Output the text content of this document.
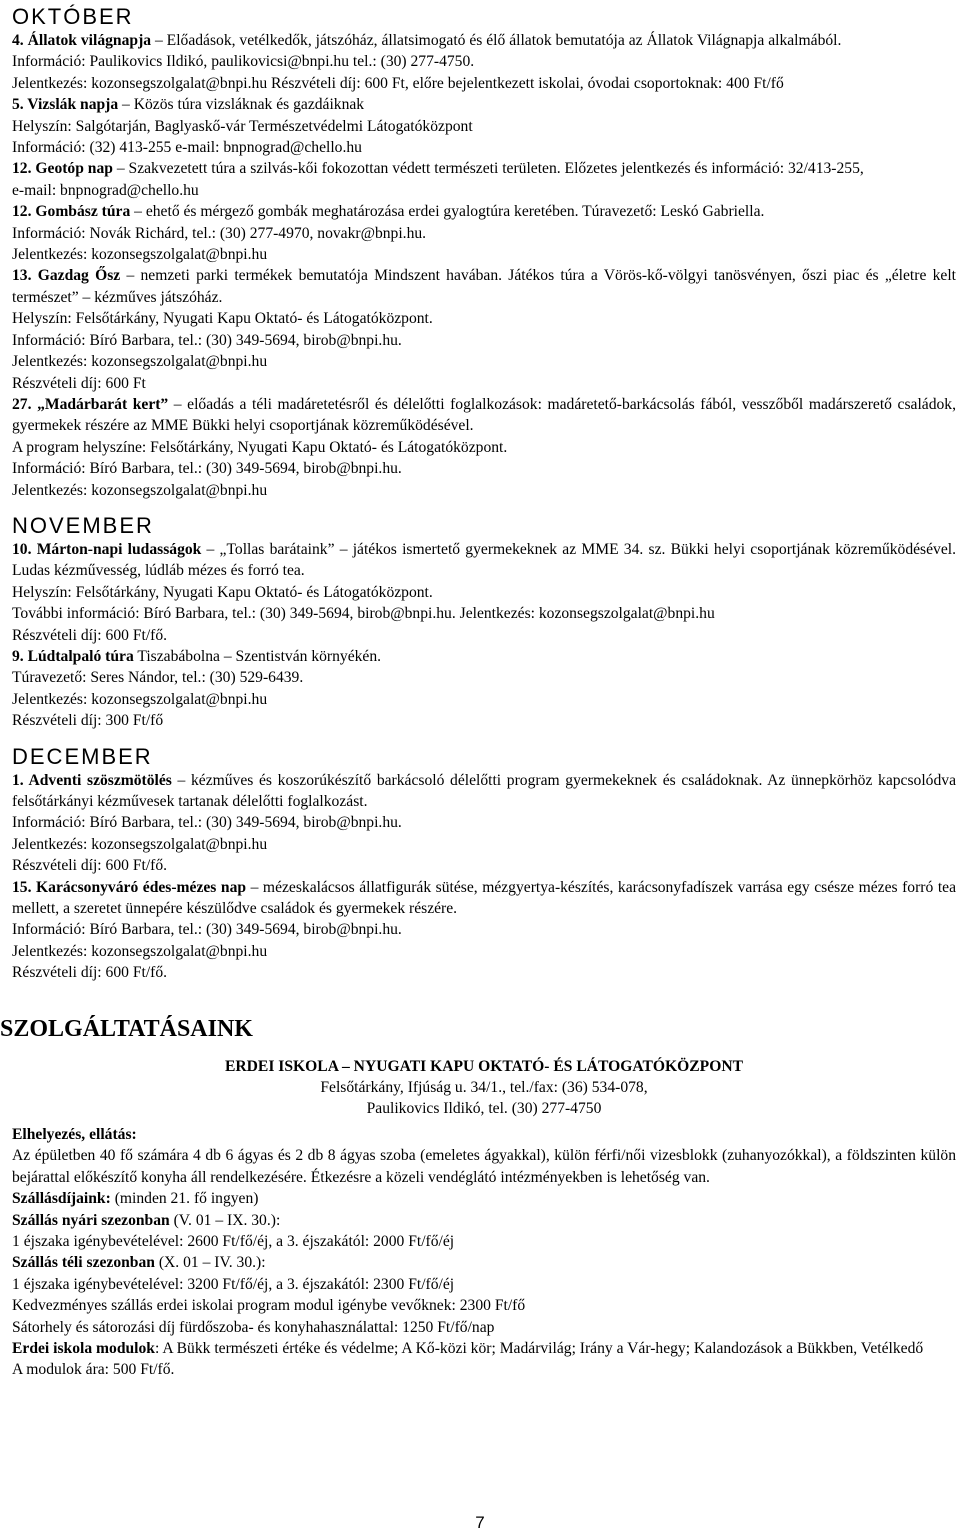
OKTÓBER

4. Állatok világnapja – Előadások, vetélkedők, játszóház, állatsimogató és élő állatok bemutatója az Állatok Világnapja alkalmából.

Információ: Paulikovics Ildikó, paulikovicsi@bnpi.hu tel.: (30) 277-4750.

Jelentkezés: kozonsegszolgalat@bnpi.hu Részvételi díj: 600 Ft, előre bejelentkezett iskolai, óvodai csoportoknak: 400 Ft/fő

5. Vizslák napja – Közös túra vizsláknak és gazdáiknak

Helyszín: Salgótarján, Baglyaskő-vár Természetvédelmi Látogatóközpont

Információ: (32) 413-255 e-mail: bnpnograd@chello.hu

12. Geotóp nap – Szakvezetett túra a szilvás-kői fokozottan védett természeti területen. Előzetes jelentkezés és információ: 32/413-255,

e-mail: bnpnograd@chello.hu

12. Gombász túra – ehető és mérgező gombák meghatározása erdei gyalogtúra keretében. Túravezető: Leskó Gabriella.

Információ: Novák Richárd, tel.: (30) 277-4970, novakr@bnpi.hu.

Jelentkezés: kozonsegszolgalat@bnpi.hu

13. Gazdag Ősz – nemzeti parki termékek bemutatója Mindszent havában. Játékos túra a Vörös-kő-völgyi tanösvényen, őszi piac és „életre kelt természet” – kézműves játszóház.

Helyszín: Felsőtárkány, Nyugati Kapu Oktató- és Látogatóközpont.

Információ: Bíró Barbara, tel.: (30) 349-5694, birob@bnpi.hu.

Jelentkezés: kozonsegszolgalat@bnpi.hu

Részvételi díj: 600 Ft

27. „Madárbarát kert” – előadás a téli madáretetésről és délelőtti foglalkozások: madáretető-barkácsolás fából, vesszőből madárszerető családok, gyermekek részére az MME Bükki helyi csoportjának közreműködésével.

A program helyszíne: Felsőtárkány, Nyugati Kapu Oktató- és Látogatóközpont.

Információ: Bíró Barbara, tel.: (30) 349-5694, birob@bnpi.hu.

Jelentkezés: kozonsegszolgalat@bnpi.hu

NOVEMBER

10. Márton-napi ludasságok – „Tollas barátaink” – játékos ismertető gyermekeknek az MME 34. sz. Bükki helyi csoportjának közreműködésével. Ludas kézművesség, lúdláb mézes és forró tea.

Helyszín: Felsőtárkány, Nyugati Kapu Oktató- és Látogatóközpont.

További információ: Bíró Barbara, tel.: (30) 349-5694, birob@bnpi.hu. Jelentkezés: kozonsegszolgalat@bnpi.hu

Részvételi díj: 600 Ft/fő.

9. Lúdtalpaló túra Tiszabábolna – Szentistván környékén.

Túravezető: Seres Nándor, tel.: (30) 529-6439.

Jelentkezés: kozonsegszolgalat@bnpi.hu

Részvételi díj: 300 Ft/fő

DECEMBER

1. Adventi szöszmötölés – kézműves és koszorúkészítő barkácsoló délelőtti program gyermekeknek és családoknak. Az ünnepkörhöz kapcsolódva felsőtárkányi kézművesek tartanak délelőtti foglalkozást.

Információ: Bíró Barbara, tel.: (30) 349-5694, birob@bnpi.hu.

Jelentkezés: kozonsegszolgalat@bnpi.hu

Részvételi díj: 600 Ft/fő.

15. Karácsonyváró édes-mézes nap – mézeskalácsos állatfigurák sütése, mézgyertya-készítés, karácsonyfadíszek varrása egy csésze mézes forró tea mellett, a szeretet ünnepére készülődve családok és gyermekek részére.

Információ: Bíró Barbara, tel.: (30) 349-5694, birob@bnpi.hu.

Jelentkezés: kozonsegszolgalat@bnpi.hu

Részvételi díj: 600 Ft/fő.

SZOLGÁLTATÁSAINK

ERDEI ISKOLA – NYUGATI KAPU OKTATÓ- ÉS LÁTOGATÓKÖZPONT

Felsőtárkány, Ifjúság u. 34/1., tel./fax: (36) 534-078,

Paulikovics Ildikó, tel. (30) 277-4750

Elhelyezés, ellátás:

Az épületben 40 fő számára 4 db 6 ágyas és 2 db 8 ágyas szoba (emeletes ágyakkal), külön férfi/női vizesblokk (zuhanyozókkal), a földszinten külön bejárattal előkészítő konyha áll rendelkezésére. Étkezésre a közeli vendéglátó intézményekben is lehetőség van.

Szállásdíjaink: (minden 21. fő ingyen)

Szállás nyári szezonban (V. 01 – IX. 30.):

1 éjszaka igénybevételével: 2600 Ft/fő/éj, a 3. éjszakától: 2000 Ft/fő/éj

Szállás téli szezonban (X. 01 – IV. 30.):

1 éjszaka igénybevételével: 3200 Ft/fő/éj, a 3. éjszakától: 2300 Ft/fő/éj

Kedvezményes szállás erdei iskolai program modul igénybe vevőknek: 2300 Ft/fő

Sátorhely és sátorozási díj fürdőszoba- és konyhahasználattal: 1250 Ft/fő/nap

Erdei iskola modulok: A Bükk természeti értéke és védelme; A Kő-közi kör; Madárvilág; Irány a Vár-hegy; Kalandozások a Bükkben, Vetélkedő

A modulok ára: 500 Ft/fő.

7
